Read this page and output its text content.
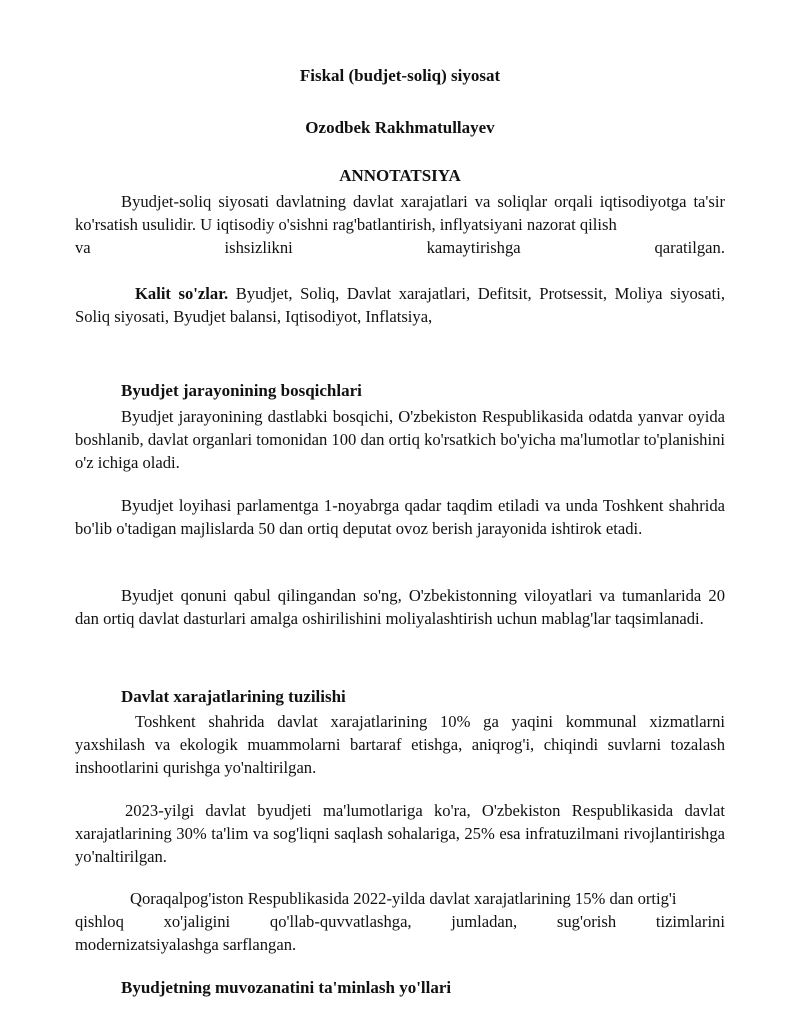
Fiskal (budjet-soliq) siyosat
Ozodbek Rakhmatullayev
ANNOTATSIYA
Byudjet-soliq siyosati davlatning davlat xarajatlari va soliqlar orqali iqtisodiyotga ta'sir ko'rsatish usulidir. U iqtisodiy o'sishni rag'batlantirish, inflyatsiyani nazorat qilish
va	ishsizlikni	kamaytirishga	qaratilgan.
Kalit so'zlar. Byudjet, Soliq, Davlat xarajatlari, Defitsit, Protsessit, Moliya siyosati, Soliq siyosati, Byudjet balansi, Iqtisodiyot, Inflatsiya,
Byudjet jarayonining bosqichlari
Byudjet jarayonining dastlabki bosqichi, O'zbekiston Respublikasida odatda yanvar oyida boshlanib, davlat organlari tomonidan 100 dan ortiq ko'rsatkich bo'yicha ma'lumotlar to'planishini o'z ichiga oladi.
Byudjet loyihasi parlamentga 1-noyabrga qadar taqdim etiladi va unda Toshkent shahrida bo'lib o'tadigan majlislarda 50 dan ortiq deputat ovoz berish jarayonida ishtirok etadi.
Byudjet qonuni qabul qilingandan so'ng, O'zbekistonning viloyatlari va tumanlarida 20 dan ortiq davlat dasturlari amalga oshirilishini moliyalashtirish uchun mablag'lar taqsimlanadi.
Davlat xarajatlarining tuzilishi
Toshkent shahrida davlat xarajatlarining 10% ga yaqini kommunal xizmatlarni yaxshilash va ekologik muammolarni bartaraf etishga, aniqrog'i, chiqindi suvlarni tozalash inshootlarini qurishga yo'naltirilgan.
2023-yilgi davlat byudjeti ma'lumotlariga ko'ra, O'zbekiston Respublikasida davlat xarajatlarining 30% ta'lim va sog'liqni saqlash sohalariga, 25% esa infratuzilmani rivojlantirishga yo'naltirilgan.
Qoraqalpog'iston Respublikasida 2022-yilda davlat xarajatlarining 15% dan ortig'i
qishloq xo'jaligini qo'llab-quvvatlashga, jumladan, sug'orish tizimlarini
modernizatsiyalashga sarflangan.
Byudjetning muvozanatini ta'minlash yo'llari
